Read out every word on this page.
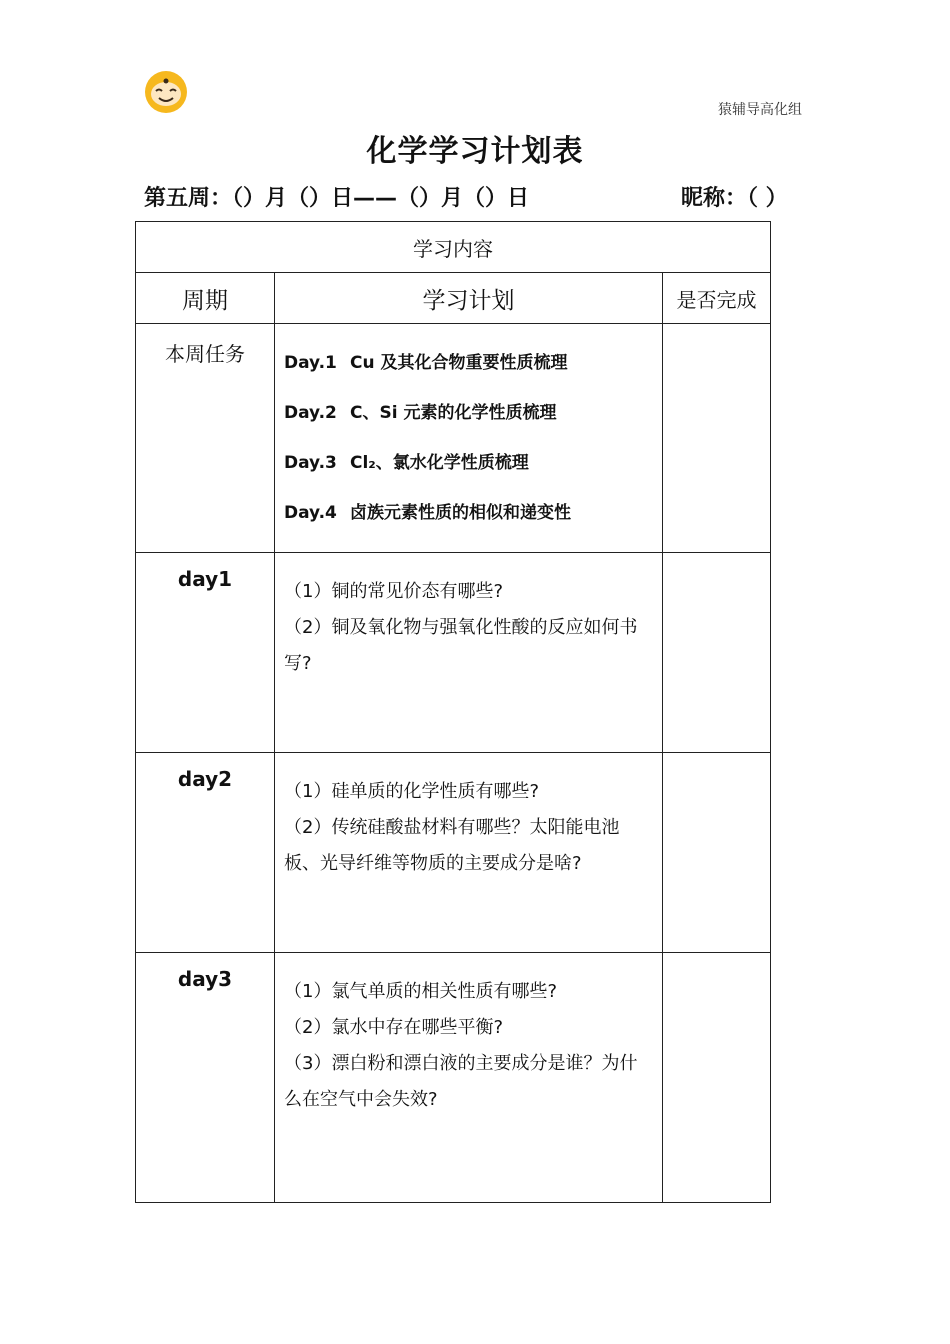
猿辅导高化组
化学学习计划表
第五周：（）月（）日——（）月（）日	昵称：（ ）
学习内容		
周期	学习计划	是否完成
本周任务	Day.1 Cu 及其化合物重要性质梳理
Day.2 C、Si 元素的化学性质梳理
Day.3 Cl₂、氯水化学性质梳理
Day.4 卤族元素性质的相似和递变性	

day1	（1）铜的常见价态有哪些?
（2）铜及氧化物与强氧化性酸的反应如何书
写?	

day2	（1）硅单质的化学性质有哪些?
（2）传统硅酸盐材料有哪些？太阳能电池
板、光导纤维等物质的主要成分是啥?	

day3	（1）氯气单质的相关性质有哪些?
（2）氯水中存在哪些平衡?
（3）漂白粉和漂白液的主要成分是谁？为什
么在空气中会失效?	
